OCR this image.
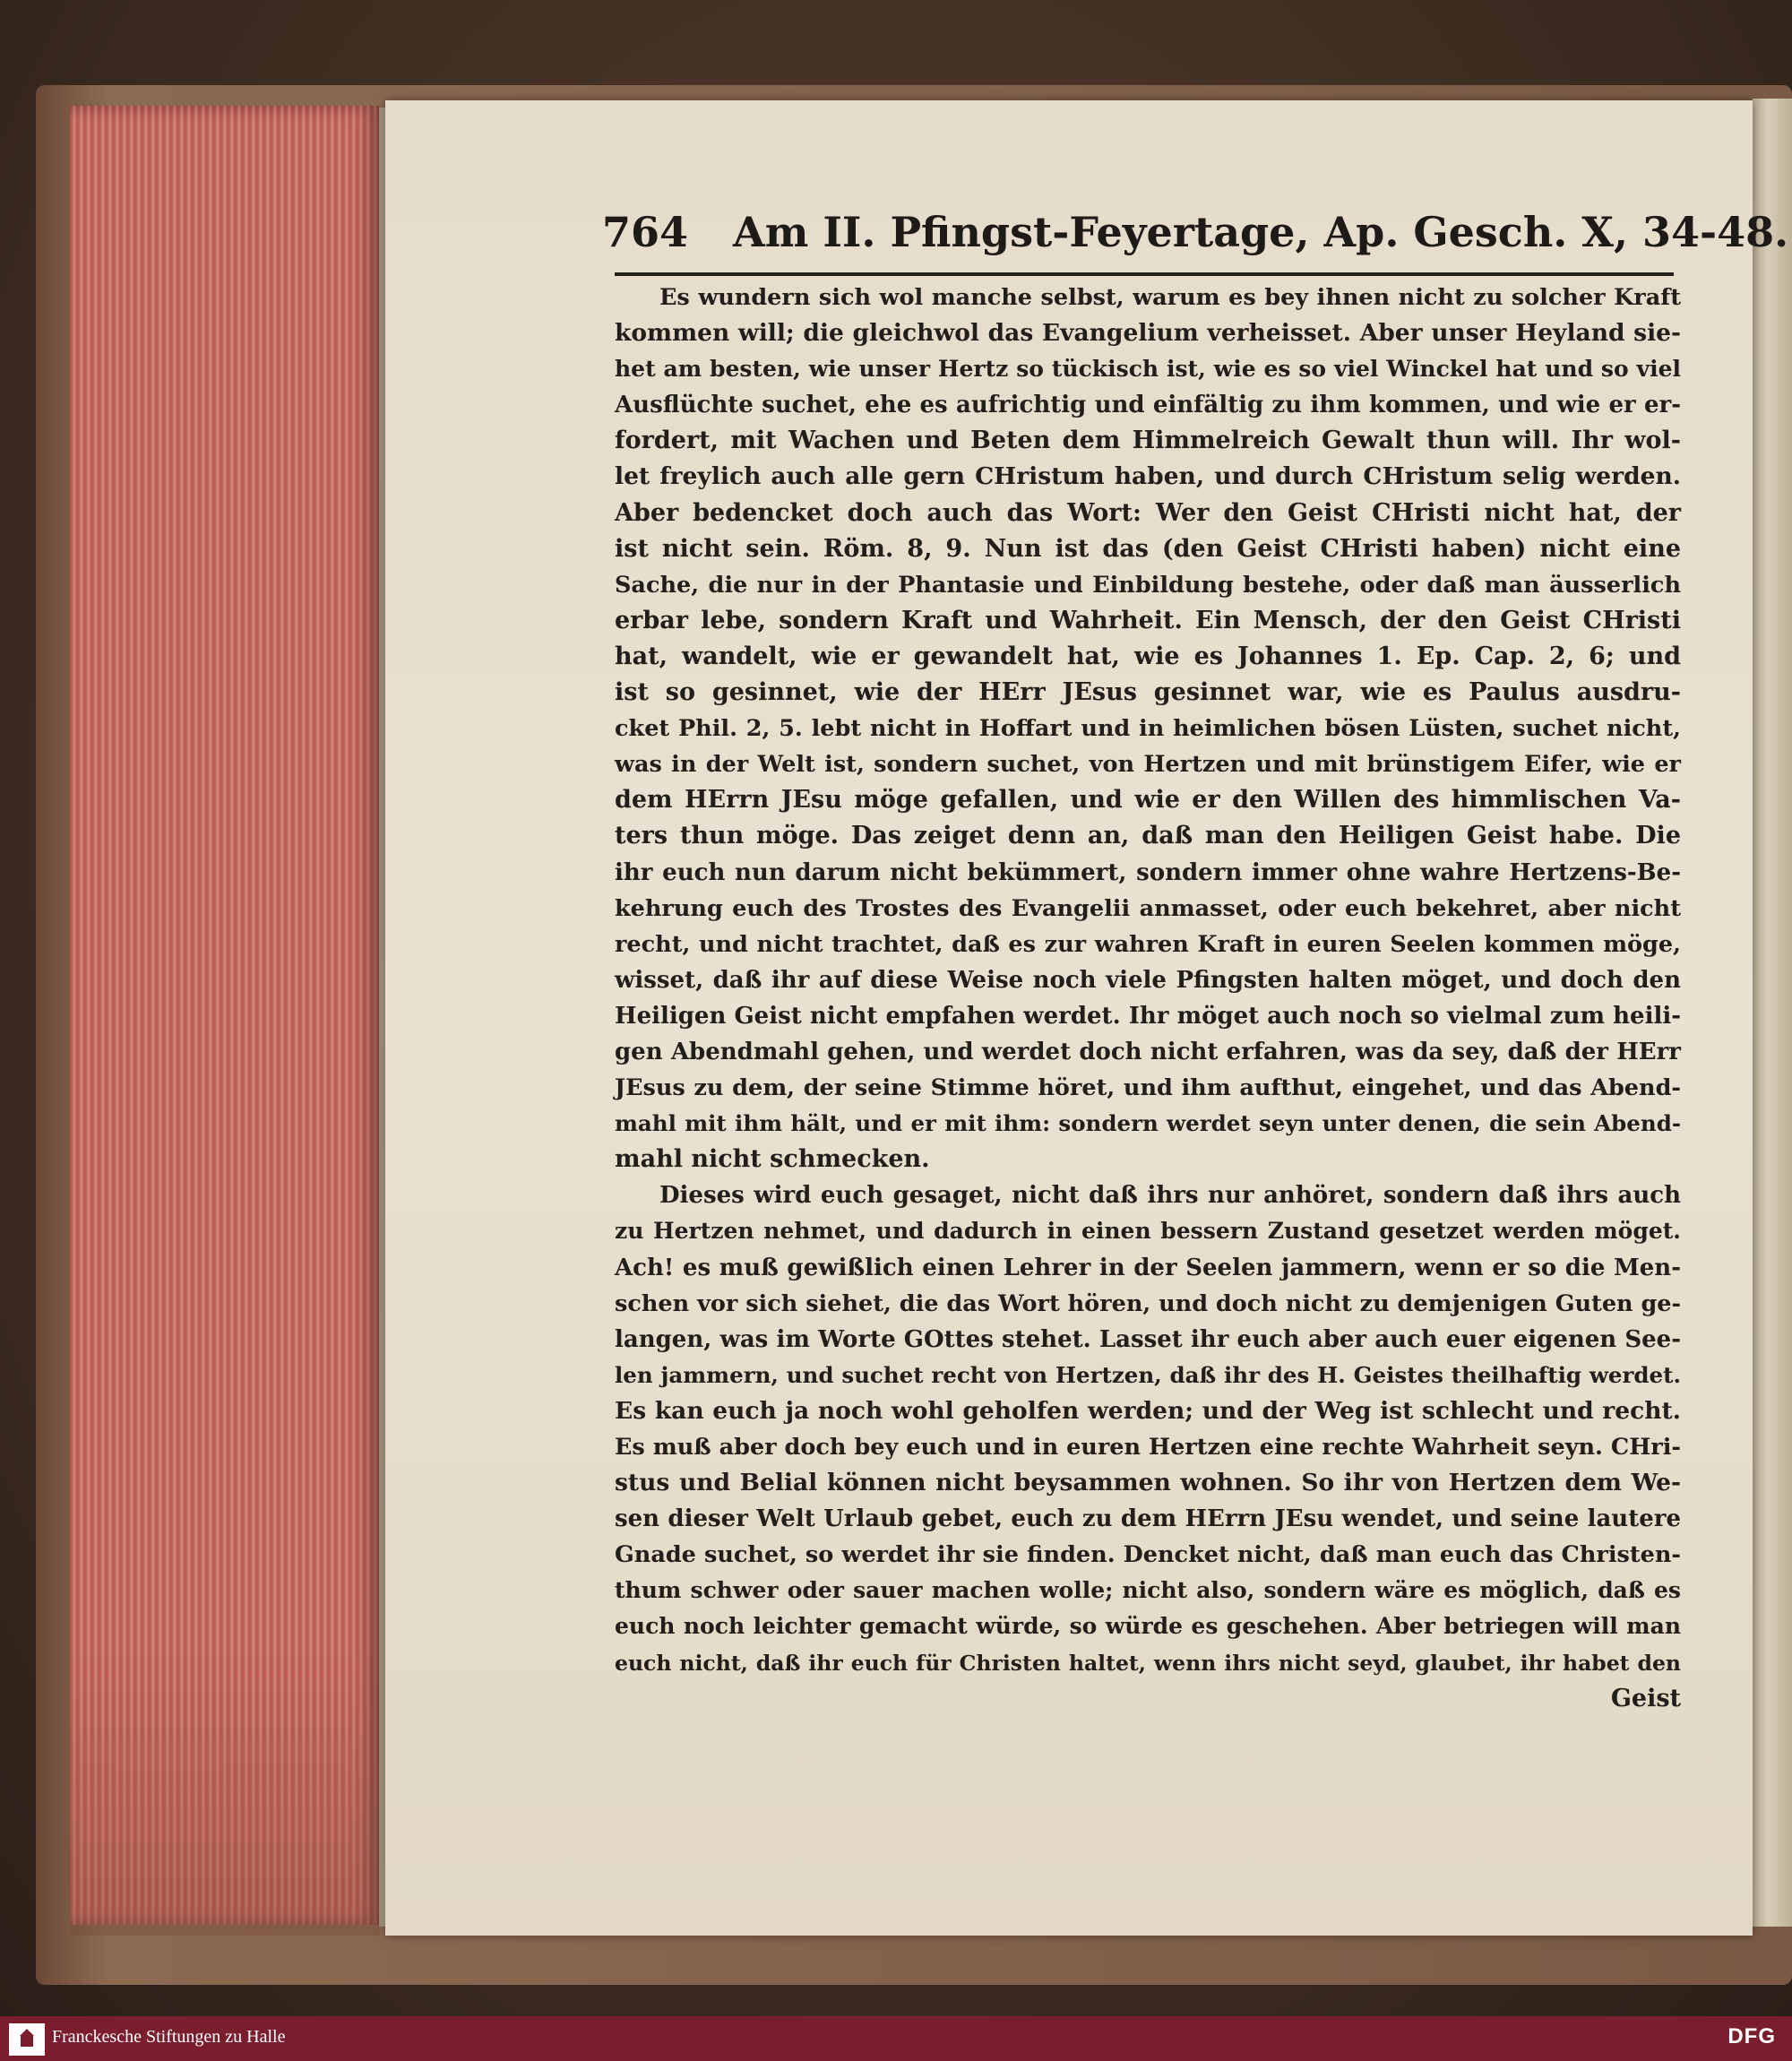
764 Am II. Pfingst-Feyertage, Ap. Gesch. X, 34-48.
Es wundern sich wol manche selbst, warum es bey ihnen nicht zu solcher Kraft
kommen will; die gleichwol das Evangelium verheisset. Aber unser Heyland sie-
het am besten, wie unser Hertz so tückisch ist, wie es so viel Winckel hat und so viel
Ausflüchte suchet, ehe es aufrichtig und einfältig zu ihm kommen, und wie er er-
fordert, mit Wachen und Beten dem Himmelreich Gewalt thun will. Ihr wol-
let freylich auch alle gern CHristum haben, und durch CHristum selig werden.
Aber bedencket doch auch das Wort: Wer den Geist CHristi nicht hat, der
ist nicht sein. Röm. 8, 9. Nun ist das (den Geist CHristi haben) nicht eine
Sache, die nur in der Phantasie und Einbildung bestehe, oder daß man äusserlich
erbar lebe, sondern Kraft und Wahrheit. Ein Mensch, der den Geist CHristi
hat, wandelt, wie er gewandelt hat, wie es Johannes 1. Ep. Cap. 2, 6; und
ist so gesinnet, wie der HErr JEsus gesinnet war, wie es Paulus ausdru-
cket Phil. 2, 5. lebt nicht in Hoffart und in heimlichen bösen Lüsten, suchet nicht,
was in der Welt ist, sondern suchet, von Hertzen und mit brünstigem Eifer, wie er
dem HErrn JEsu möge gefallen, und wie er den Willen des himmlischen Va-
ters thun möge. Das zeiget denn an, daß man den Heiligen Geist habe. Die
ihr euch nun darum nicht bekümmert, sondern immer ohne wahre Hertzens-Be-
kehrung euch des Trostes des Evangelii anmasset, oder euch bekehret, aber nicht
recht, und nicht trachtet, daß es zur wahren Kraft in euren Seelen kommen möge,
wisset, daß ihr auf diese Weise noch viele Pfingsten halten möget, und doch den
Heiligen Geist nicht empfahen werdet. Ihr möget auch noch so vielmal zum heili-
gen Abendmahl gehen, und werdet doch nicht erfahren, was da sey, daß der HErr
JEsus zu dem, der seine Stimme höret, und ihm aufthut, eingehet, und das Abend-
mahl mit ihm hält, und er mit ihm: sondern werdet seyn unter denen, die sein Abend-
mahl nicht schmecken.
Dieses wird euch gesaget, nicht daß ihrs nur anhöret, sondern daß ihrs auch
zu Hertzen nehmet, und dadurch in einen bessern Zustand gesetzet werden möget.
Ach! es muß gewißlich einen Lehrer in der Seelen jammern, wenn er so die Men-
schen vor sich siehet, die das Wort hören, und doch nicht zu demjenigen Guten ge-
langen, was im Worte GOttes stehet. Lasset ihr euch aber auch euer eigenen See-
len jammern, und suchet recht von Hertzen, daß ihr des H. Geistes theilhaftig werdet.
Es kan euch ja noch wohl geholfen werden; und der Weg ist schlecht und recht.
Es muß aber doch bey euch und in euren Hertzen eine rechte Wahrheit seyn. CHri-
stus und Belial können nicht beysammen wohnen. So ihr von Hertzen dem We-
sen dieser Welt Urlaub gebet, euch zu dem HErrn JEsu wendet, und seine lautere
Gnade suchet, so werdet ihr sie finden. Dencket nicht, daß man euch das Christen-
thum schwer oder sauer machen wolle; nicht also, sondern wäre es möglich, daß es
euch noch leichter gemacht würde, so würde es geschehen. Aber betriegen will man
euch nicht, daß ihr euch für Christen haltet, wenn ihrs nicht seyd, glaubet, ihr habet den
Geist
Franckesche Stiftungen zu Halle	DFG
